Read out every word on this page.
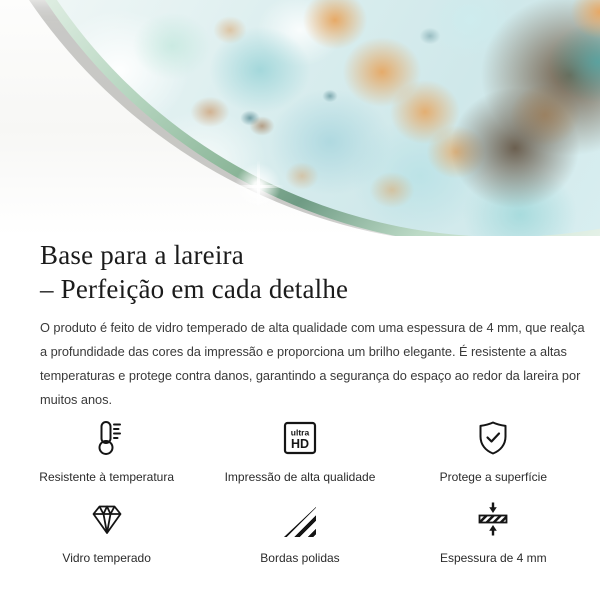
Base para a lareira
– Perfeição em cada detalhe

O produto é feito de vidro temperado de alta qualidade com uma espessura de 4 mm, que realça
a profundidade das cores da impressão e proporciona um brilho elegante. É resistente a altas
temperaturas e protege contra danos, garantindo a segurança do espaço ao redor da lareira por
muitos anos.

Resistente à temperatura
ultra
HD
Impressão de alta qualidade	Protege a superfície
Vidro temperado	Bordas polidas	Espessura de 4 mm
